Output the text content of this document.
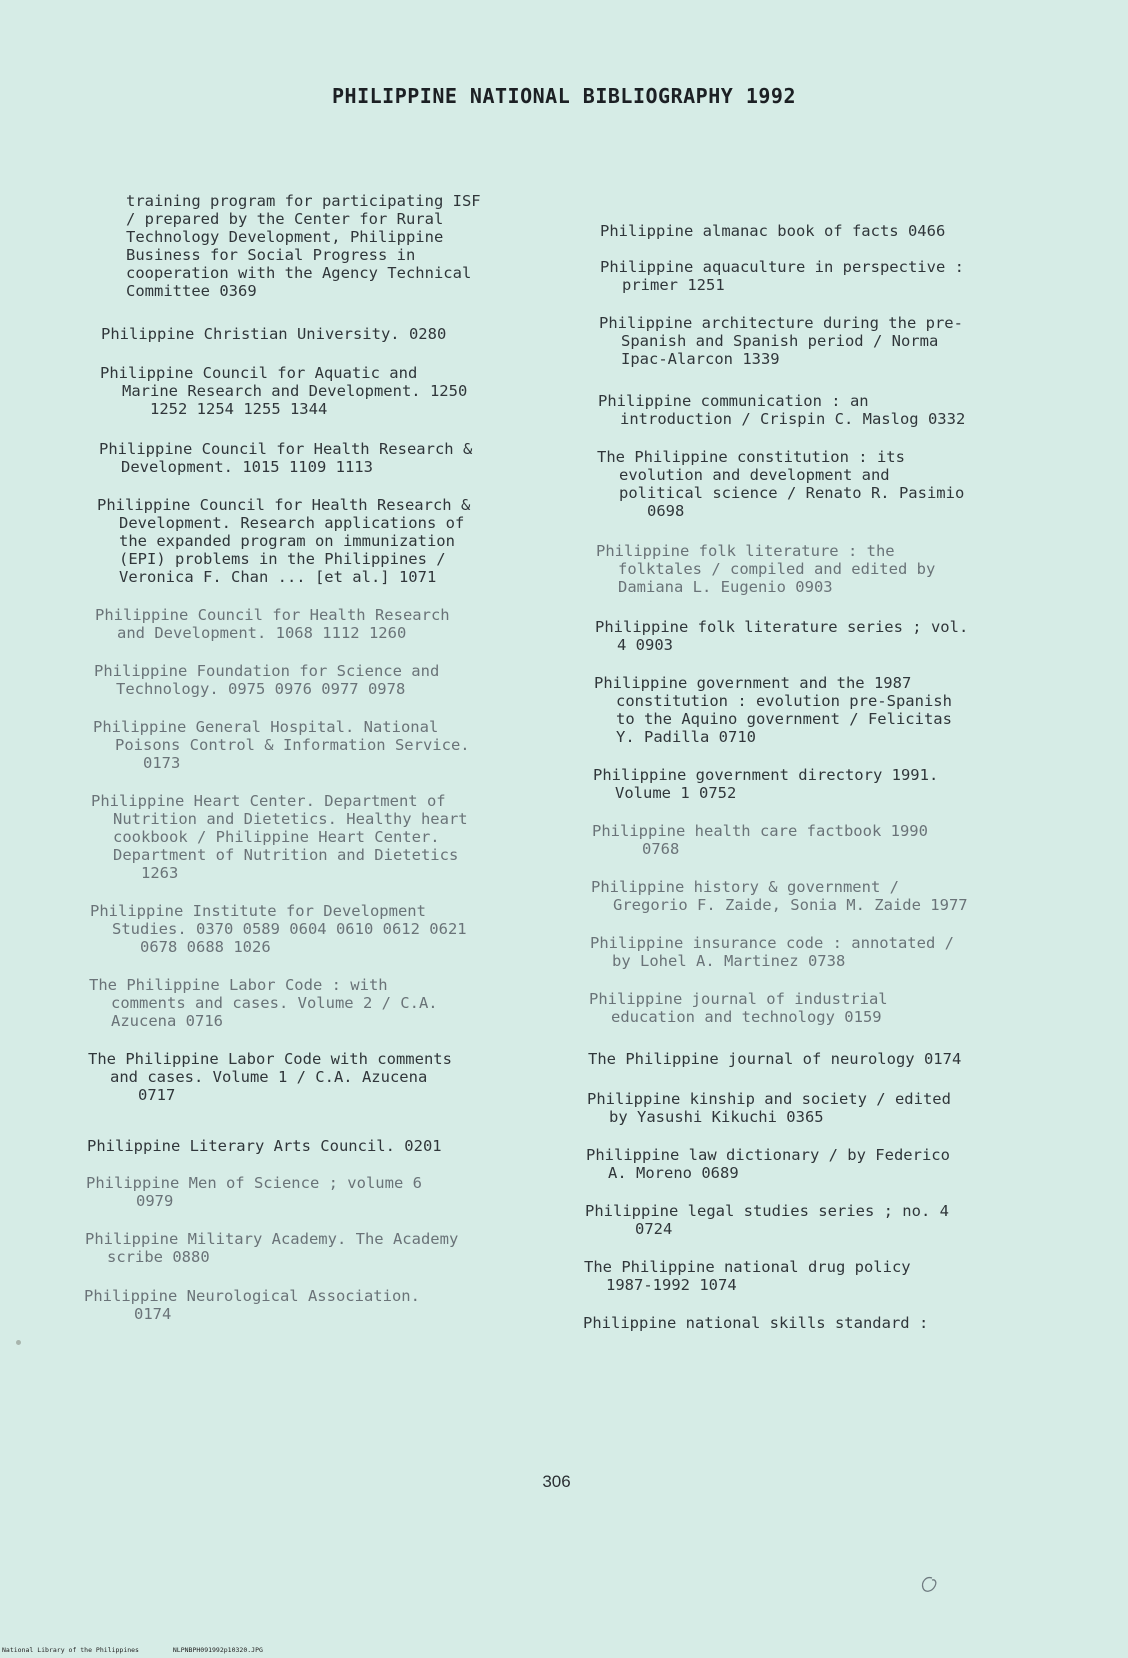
PHILIPPINE NATIONAL BIBLIOGRAPHY 1992
training program for participating ISF
/ prepared by the Center for Rural
Technology Development, Philippine
Business for Social Progress in
cooperation with the Agency Technical
Committee 0369
Philippine Christian University. 0280
Philippine Council for Aquatic and
Marine Research and Development. 1250
1252 1254 1255 1344
Philippine Council for Health Research &
Development. 1015 1109 1113
Philippine Council for Health Research &
Development. Research applications of
the expanded program on immunization
(EPI) problems in the Philippines /
Veronica F. Chan ... [et al.] 1071
Philippine Council for Health Research
and Development. 1068 1112 1260
Philippine Foundation for Science and
Technology. 0975 0976 0977 0978
Philippine General Hospital. National
Poisons Control & Information Service.
0173
Philippine Heart Center. Department of
Nutrition and Dietetics. Healthy heart
cookbook / Philippine Heart Center.
Department of Nutrition and Dietetics
1263
Philippine Institute for Development
Studies. 0370 0589 0604 0610 0612 0621
0678 0688 1026
The Philippine Labor Code : with
comments and cases. Volume 2 / C.A.
Azucena 0716
The Philippine Labor Code with comments
and cases. Volume 1 / C.A. Azucena
0717
Philippine Literary Arts Council. 0201
Philippine Men of Science ; volume 6
0979
Philippine Military Academy. The Academy
scribe 0880
Philippine Neurological Association.
0174
Philippine almanac book of facts 0466
Philippine aquaculture in perspective :
primer 1251
Philippine architecture during the pre-
Spanish and Spanish period / Norma
Ipac-Alarcon 1339
Philippine communication : an
introduction / Crispin C. Maslog 0332
The Philippine constitution : its
evolution and development and
political science / Renato R. Pasimio
0698
Philippine folk literature : the
folktales / compiled and edited by
Damiana L. Eugenio 0903
Philippine folk literature series ; vol.
4 0903
Philippine government and the 1987
constitution : evolution pre-Spanish
to the Aquino government / Felicitas
Y. Padilla 0710
Philippine government directory 1991.
Volume 1 0752
Philippine health care factbook 1990
0768
Philippine history & government /
Gregorio F. Zaide, Sonia M. Zaide 1977
Philippine insurance code : annotated /
by Lohel A. Martinez 0738
Philippine journal of industrial
education and technology 0159
The Philippine journal of neurology 0174
Philippine kinship and society / edited
by Yasushi Kikuchi 0365
Philippine law dictionary / by Federico
A. Moreno 0689
Philippine legal studies series ; no. 4
0724
The Philippine national drug policy
1987-1992 1074
Philippine national skills standard :
306
National Library of the Philippines	NLPNBPH091992p10320.JPG
